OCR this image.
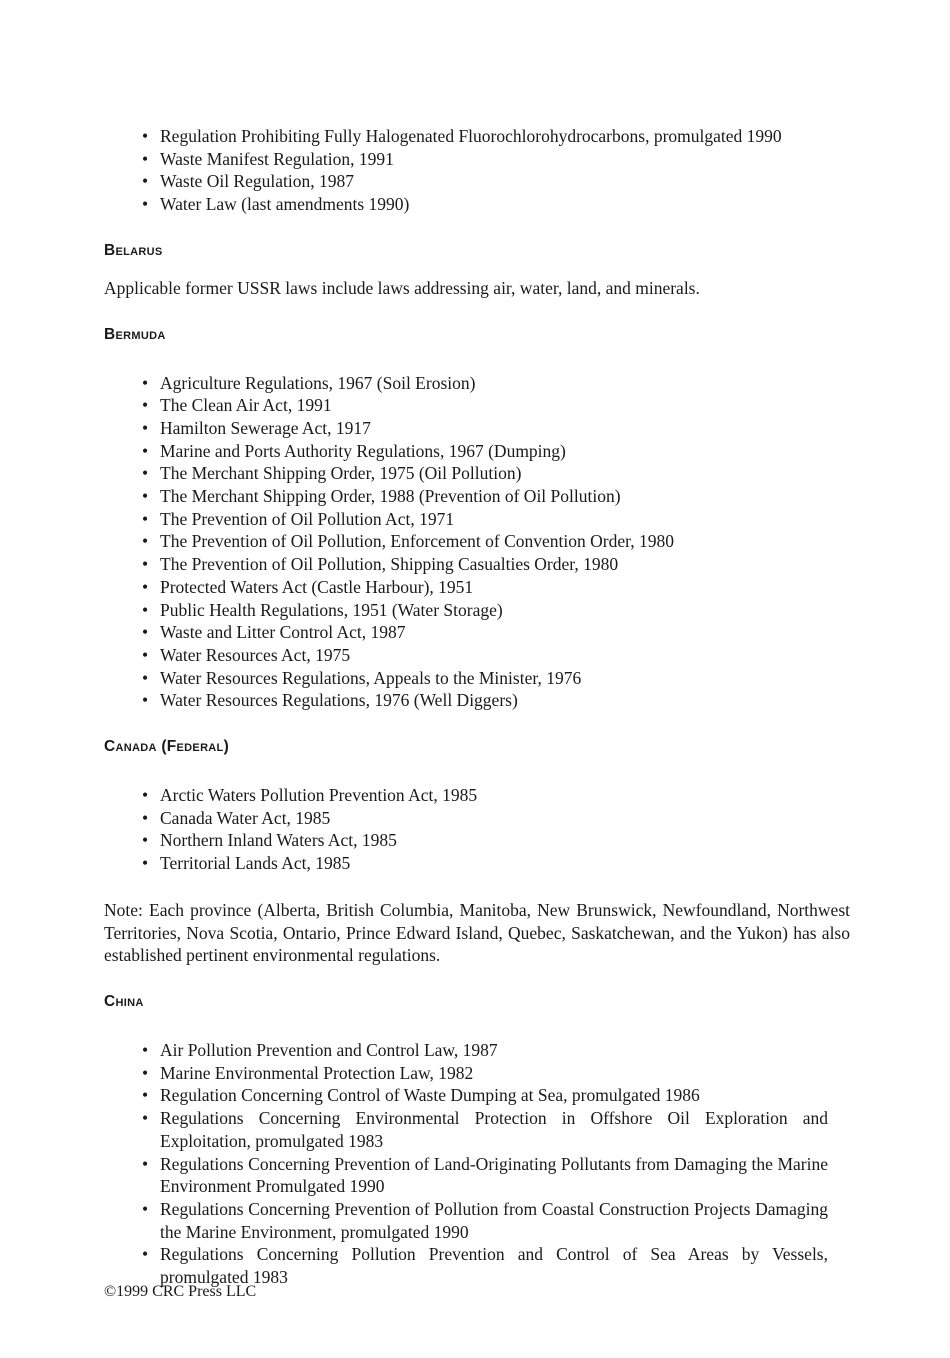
• Regulation Prohibiting Fully Halogenated Fluorochlorohydrocarbons, promulgated 1990
• Waste Manifest Regulation, 1991
• Waste Oil Regulation, 1987
• Water Law (last amendments 1990)
Belarus

Applicable former USSR laws include laws addressing air, water, land, and minerals.

Bermuda
• Agriculture Regulations, 1967 (Soil Erosion)
• The Clean Air Act, 1991
• Hamilton Sewerage Act, 1917
• Marine and Ports Authority Regulations, 1967 (Dumping)
• The Merchant Shipping Order, 1975 (Oil Pollution)
• The Merchant Shipping Order, 1988 (Prevention of Oil Pollution)
• The Prevention of Oil Pollution Act, 1971
• The Prevention of Oil Pollution, Enforcement of Convention Order, 1980
• The Prevention of Oil Pollution, Shipping Casualties Order, 1980
• Protected Waters Act (Castle Harbour), 1951
• Public Health Regulations, 1951 (Water Storage)
• Waste and Litter Control Act, 1987
• Water Resources Act, 1975
• Water Resources Regulations, Appeals to the Minister, 1976
• Water Resources Regulations, 1976 (Well Diggers)
Canada (Federal)
• Arctic Waters Pollution Prevention Act, 1985
• Canada Water Act, 1985
• Northern Inland Waters Act, 1985
• Territorial Lands Act, 1985

Note: Each province (Alberta, British Columbia, Manitoba, New Brunswick, Newfoundland, Northwest Territories, Nova Scotia, Ontario, Prince Edward Island, Quebec, Saskatchewan, and the Yukon) has also established pertinent environmental regulations.

China
• Air Pollution Prevention and Control Law, 1987
• Marine Environmental Protection Law, 1982
• Regulation Concerning Control of Waste Dumping at Sea, promulgated 1986
• Regulations Concerning Environmental Protection in Offshore Oil Exploration and Exploitation, promulgated 1983
• Regulations Concerning Prevention of Land-Originating Pollutants from Damaging the Marine Environment Promulgated 1990
• Regulations Concerning Prevention of Pollution from Coastal Construction Projects Damaging the Marine Environment, promulgated 1990
• Regulations Concerning Pollution Prevention and Control of Sea Areas by Vessels, promulgated 1983
©1999 CRC Press LLC
